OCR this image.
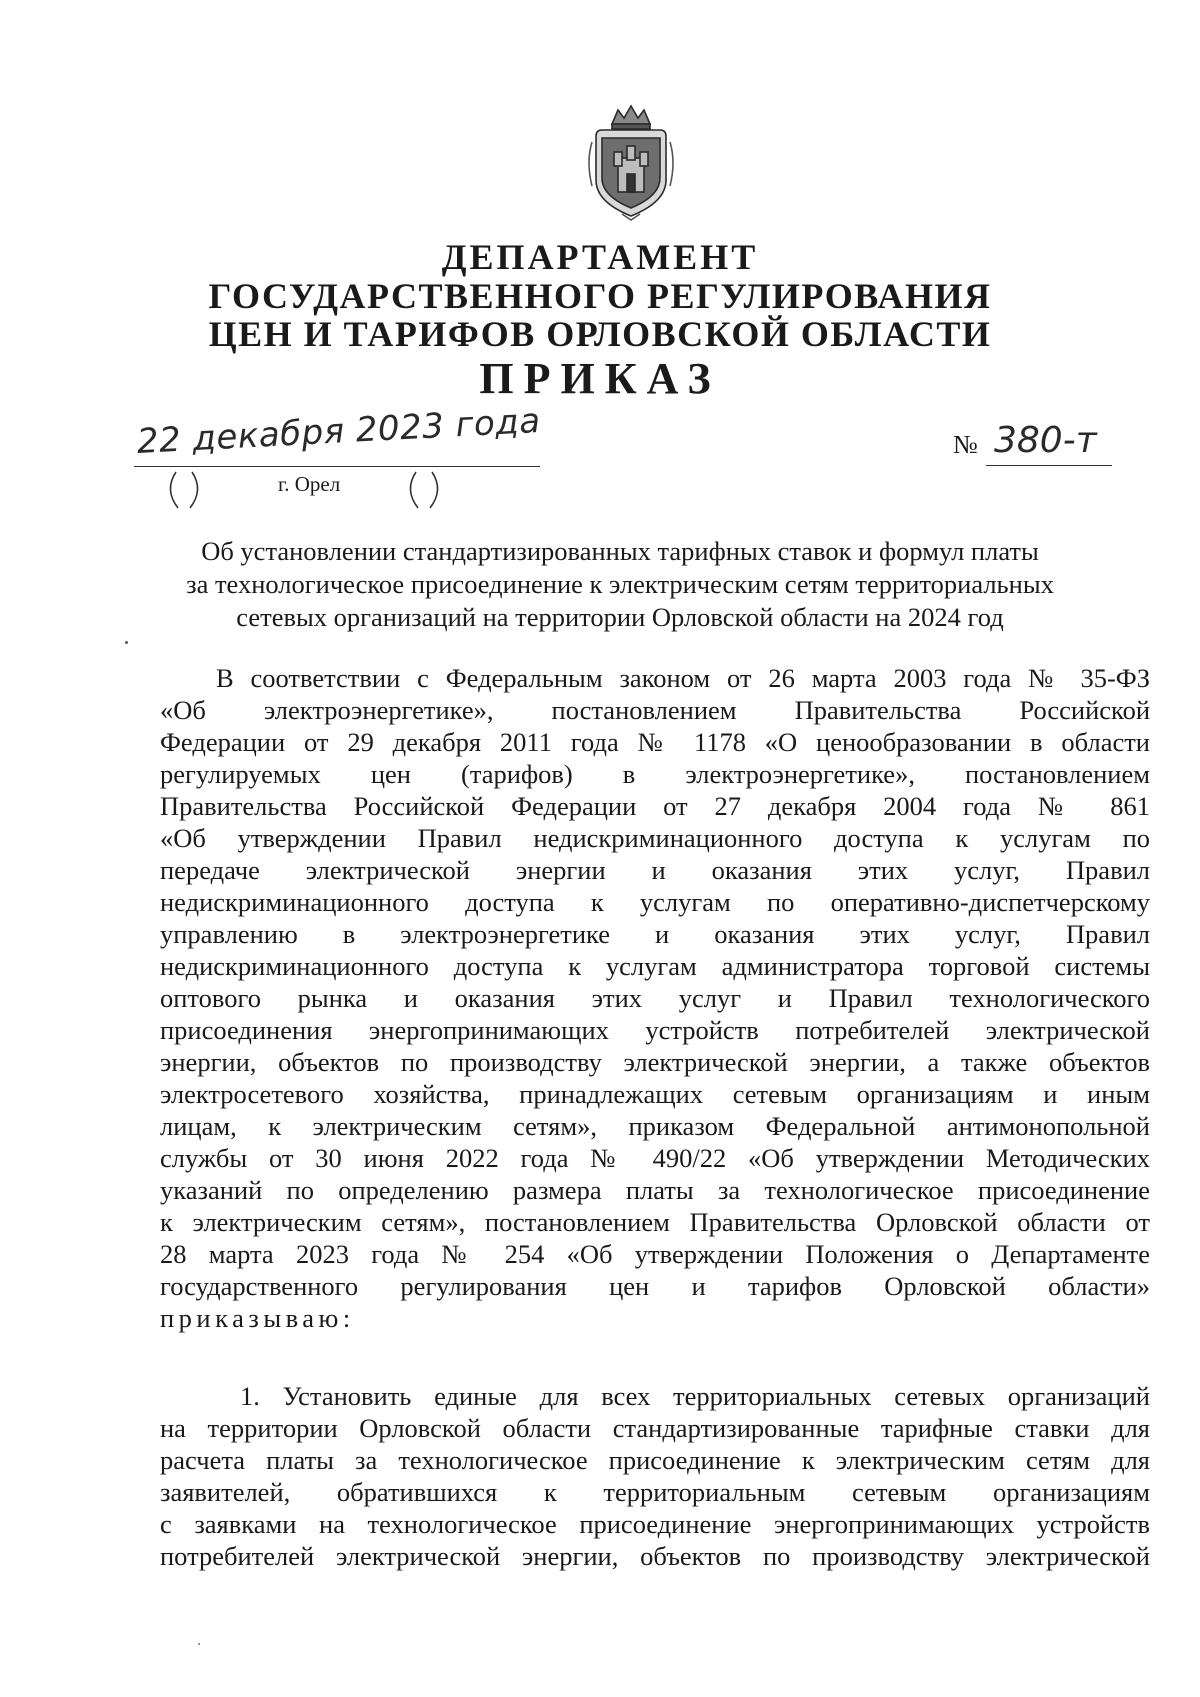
ДЕПАРТАМЕНТ
ГОСУДАРСТВЕННОГО РЕГУЛИРОВАНИЯ
ЦЕН И ТАРИФОВ ОРЛОВСКОЙ ОБЛАСТИ
ПРИКАЗ
22 декабря 2023 года
г. Орел
№ 380-т
Об установлении стандартизированных тарифных ставок и формул платы
за технологическое присоединение к электрическим сетям территориальных
сетевых организаций на территории Орловской области на 2024 год
В соответствии с Федеральным законом от 26 марта 2003 года № 35-ФЗ
«Об электроэнергетике», постановлением Правительства Российской
Федерации от 29 декабря 2011 года № 1178 «О ценообразовании в области
регулируемых цен (тарифов) в электроэнергетике», постановлением
Правительства Российской Федерации от 27 декабря 2004 года № 861
«Об утверждении Правил недискриминационного доступа к услугам по
передаче электрической энергии и оказания этих услуг, Правил
недискриминационного доступа к услугам по оперативно-диспетчерскому
управлению в электроэнергетике и оказания этих услуг, Правил
недискриминационного доступа к услугам администратора торговой системы
оптового рынка и оказания этих услуг и Правил технологического
присоединения энергопринимающих устройств потребителей электрической
энергии, объектов по производству электрической энергии, а также объектов
электросетевого хозяйства, принадлежащих сетевым организациям и иным
лицам, к электрическим сетям», приказом Федеральной антимонопольной
службы от 30 июня 2022 года № 490/22 «Об утверждении Методических
указаний по определению размера платы за технологическое присоединение
к электрическим сетям», постановлением Правительства Орловской области от
28 марта 2023 года № 254 «Об утверждении Положения о Департаменте
государственного регулирования цен и тарифов Орловской области»
приказываю:
1. Установить единые для всех территориальных сетевых организаций
на территории Орловской области стандартизированные тарифные ставки для
расчета платы за технологическое присоединение к электрическим сетям для
заявителей, обратившихся к территориальным сетевым организациям
с заявками на технологическое присоединение энергопринимающих устройств
потребителей электрической энергии, объектов по производству электрической
